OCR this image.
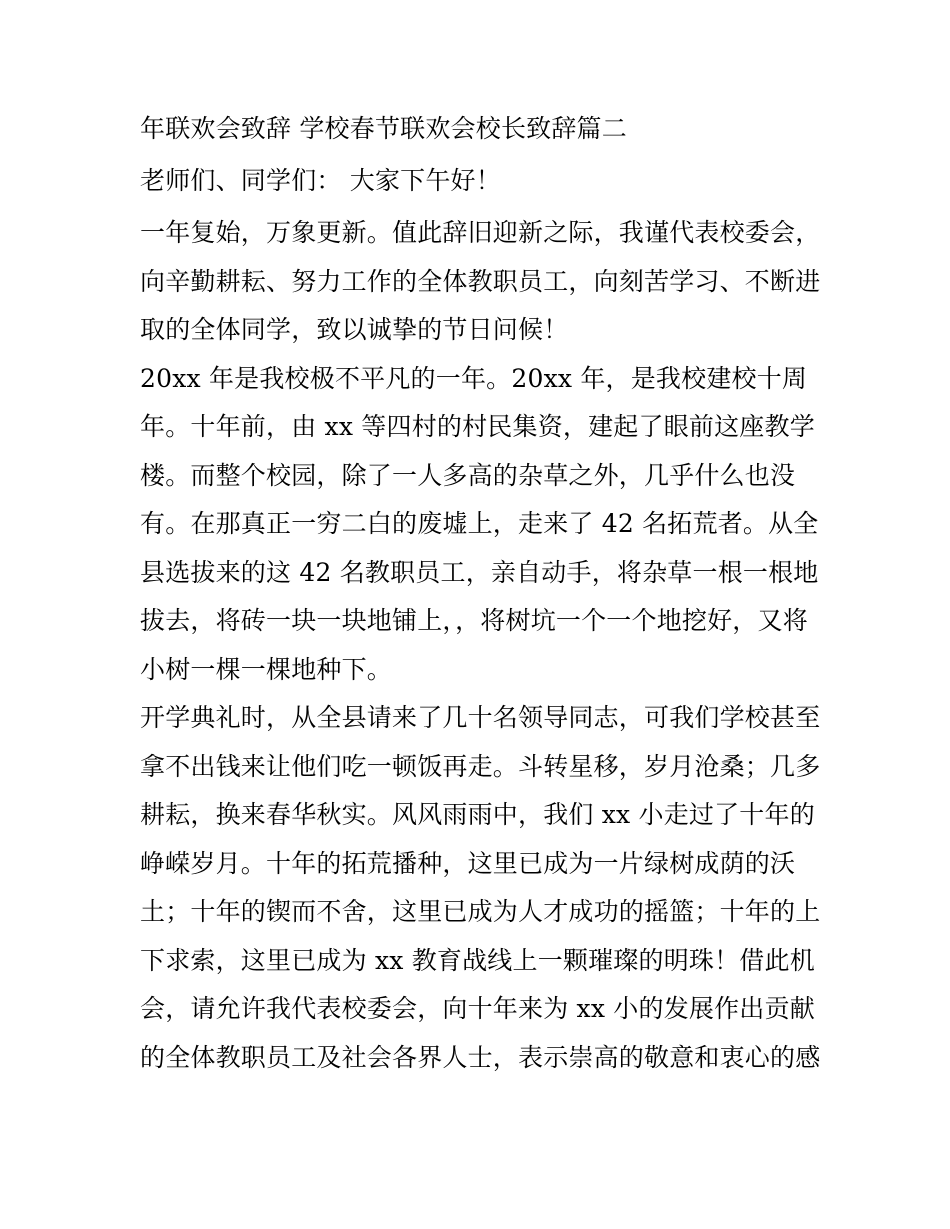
年联欢会致辞 学校春节联欢会校长致辞篇二
老师们、同学们： 大家下午好！
一年复始，万象更新。值此辞旧迎新之际，我谨代表校委会，
向辛勤耕耘、努力工作的全体教职员工，向刻苦学习、不断进
取的全体同学，致以诚挚的节日问候！
20xx 年是我校极不平凡的一年。20xx 年，是我校建校十周
年。十年前，由 xx 等四村的村民集资，建起了眼前这座教学
楼。而整个校园，除了一人多高的杂草之外，几乎什么也没
有。在那真正一穷二白的废墟上，走来了 42 名拓荒者。从全
县选拔来的这 42 名教职员工，亲自动手，将杂草一根一根地
拔去，将砖一块一块地铺上，，将树坑一个一个地挖好，又将
小树一棵一棵地种下。
开学典礼时，从全县请来了几十名领导同志，可我们学校甚至
拿不出钱来让他们吃一顿饭再走。斗转星移，岁月沧桑；几多
耕耘，换来春华秋实。风风雨雨中，我们 xx 小走过了十年的
峥嵘岁月。十年的拓荒播种，这里已成为一片绿树成荫的沃
土；十年的锲而不舍，这里已成为人才成功的摇篮；十年的上
下求索，这里已成为 xx 教育战线上一颗璀璨的明珠！借此机
会，请允许我代表校委会，向十年来为 xx 小的发展作出贡献
的全体教职员工及社会各界人士，表示崇高的敬意和衷心的感
